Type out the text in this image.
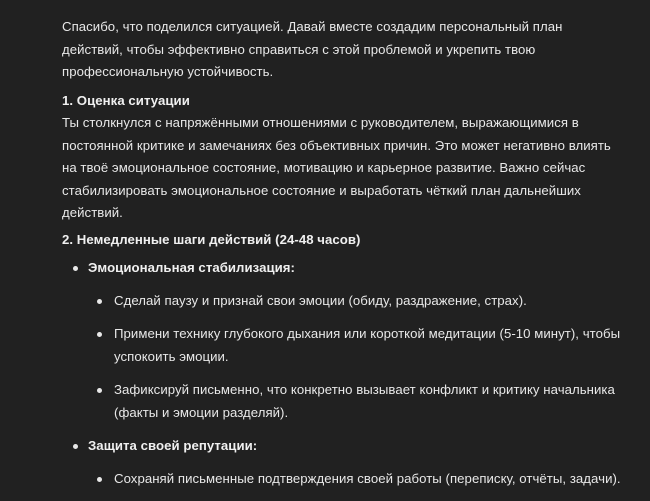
Спасибо, что поделился ситуацией. Давай вместе создадим персональный план действий, чтобы эффективно справиться с этой проблемой и укрепить твою профессиональную устойчивость.

1. Оценка ситуации

Ты столкнулся с напряжёнными отношениями с руководителем, выражающимися в постоянной критике и замечаниях без объективных причин. Это может негативно влиять на твоё эмоциональное состояние, мотивацию и карьерное развитие. Важно сейчас стабилизировать эмоциональное состояние и выработать чёткий план дальнейших действий.

2. Немедленные шаги действий (24-48 часов)

Эмоциональная стабилизация:
Сделай паузу и признай свои эмоции (обиду, раздражение, страх).
Примени технику глубокого дыхания или короткой медитации (5-10 минут), чтобы успокоить эмоции.
Зафиксируй письменно, что конкретно вызывает конфликт и критику начальника (факты и эмоции разделяй).
Защита своей репутации:
Сохраняй письменные подтверждения своей работы (переписку, отчёты, задачи).
